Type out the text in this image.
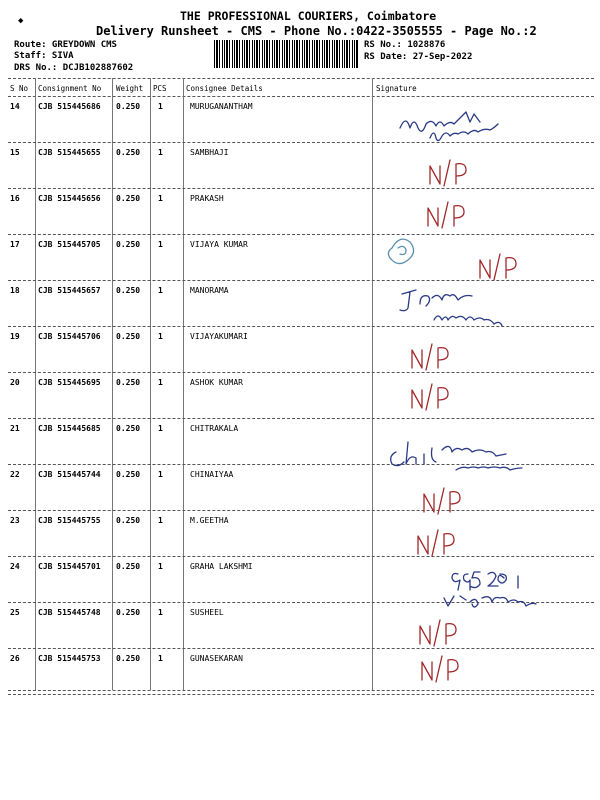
◆	THE PROFESSIONAL COURIERS, Coimbatore
Delivery Runsheet - CMS - Phone No.:0422-3505555 - Page No.:2
Route: GREYDOWN CMS
Staff: SIVA
DRS No.: DCJB102887602
RS No.: 1028876
RS Date: 27-Sep-2022
S No Consignment No Weight PCS	Consignee Details	Signature
14 CJB 515445686 0.250 1	MURUGANANTHAM
15 CJB 515445655 0.250 1	SAMBHAJI
16 CJB 515445656 0.250 1	PRAKASH
17 CJB 515445705 0.250 1	VIJAYA KUMAR
18 CJB 515445657 0.250 1	MANORAMA
19 CJB 515445706 0.250 1	VIJAYAKUMARI
20 CJB 515445695 0.250 1	ASHOK KUMAR
21 CJB 515445685 0.250 1	CHITRAKALA
22 CJB 515445744 0.250 1	CHINAIYAA
23 CJB 515445755 0.250 1	M.GEETHA
24 CJB 515445701 0.250 1	GRAHA LAKSHMI
25 CJB 515445748 0.250 1	SUSHEEL
26 CJB 515445753 0.250 1	GUNASEKARAN
